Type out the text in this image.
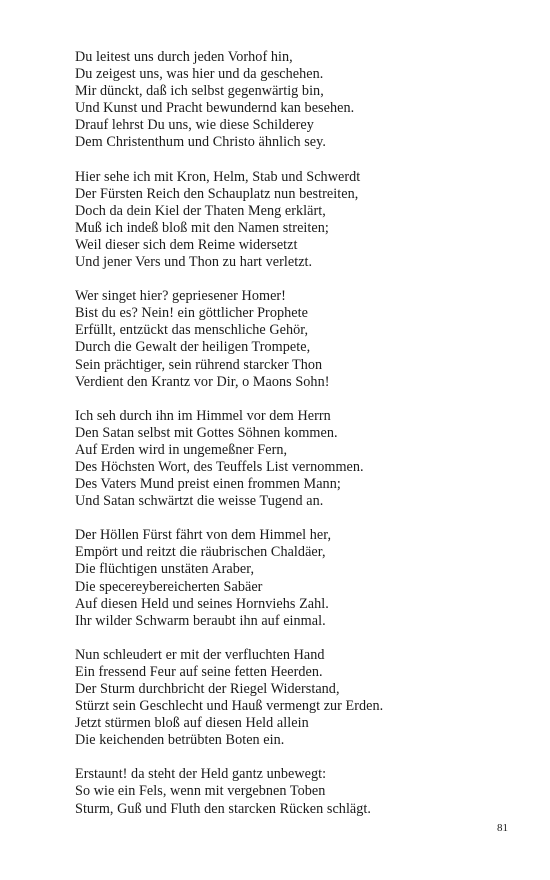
Du leitest uns durch jeden Vorhof hin,
Du zeigest uns, was hier und da geschehen.
Mir dünckt, daß ich selbst gegenwärtig bin,
Und Kunst und Pracht bewundernd kan besehen.
Drauf lehrst Du uns, wie diese Schilderey
Dem Christenthum und Christo ähnlich sey.
Hier sehe ich mit Kron, Helm, Stab und Schwerdt
Der Fürsten Reich den Schauplatz nun bestreiten,
Doch da dein Kiel der Thaten Meng erklärt,
Muß ich indeß bloß mit den Namen streiten;
Weil dieser sich dem Reime widersetzt
Und jener Vers und Thon zu hart verletzt.
Wer singet hier? gepriesener Homer!
Bist du es? Nein! ein göttlicher Prophete
Erfüllt, entzückt das menschliche Gehör,
Durch die Gewalt der heiligen Trompete,
Sein prächtiger, sein rührend starcker Thon
Verdient den Krantz vor Dir, o Maons Sohn!
Ich seh durch ihn im Himmel vor dem Herrn
Den Satan selbst mit Gottes Söhnen kommen.
Auf Erden wird in ungemeßner Fern,
Des Höchsten Wort, des Teuffels List vernommen.
Des Vaters Mund preist einen frommen Mann;
Und Satan schwärtzt die weisse Tugend an.
Der Höllen Fürst fährt von dem Himmel her,
Empört und reitzt die räubrischen Chaldäer,
Die flüchtigen unstäten Araber,
Die specereybereicherten Sabäer
Auf diesen Held und seines Hornviehs Zahl.
Ihr wilder Schwarm beraubt ihn auf einmal.
Nun schleudert er mit der verfluchten Hand
Ein fressend Feur auf seine fetten Heerden.
Der Sturm durchbricht der Riegel Widerstand,
Stürzt sein Geschlecht und Hauß vermengt zur Erden.
Jetzt stürmen bloß auf diesen Held allein
Die keichenden betrübten Boten ein.
Erstaunt! da steht der Held gantz unbewegt:
So wie ein Fels, wenn mit vergebnen Toben
Sturm, Guß und Fluth den starcken Rücken schlägt.
81
